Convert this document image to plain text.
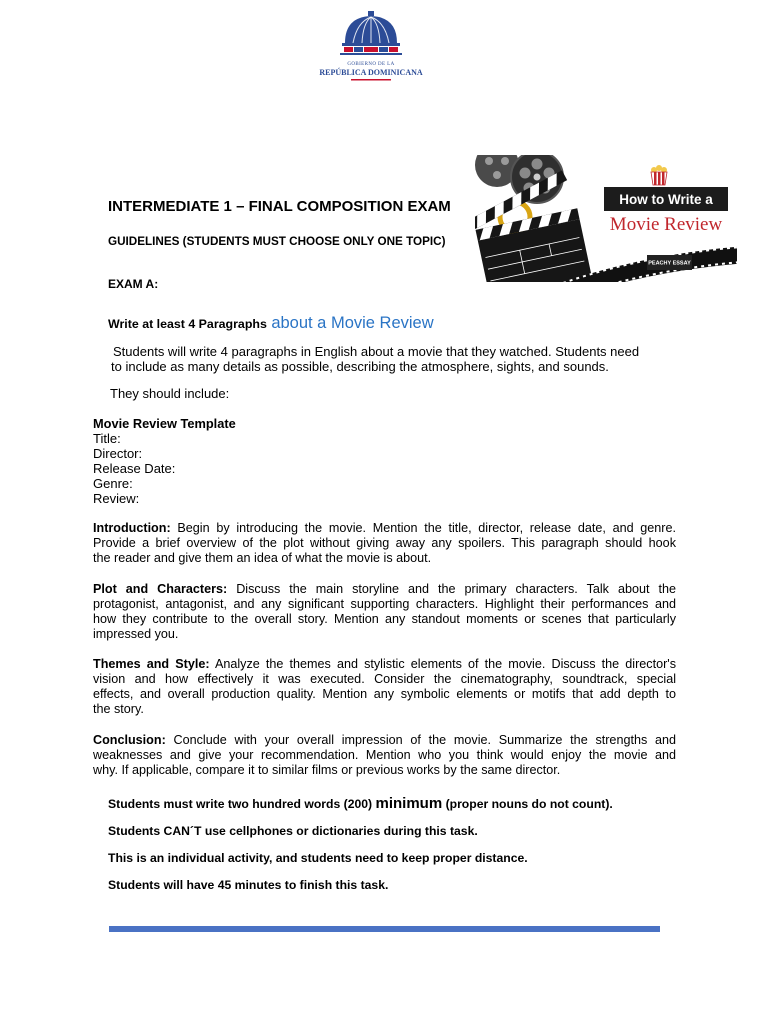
GOBIERNO DE LA
REPÚBLICA DOMINICANA
How to Write a
Movie Review
PEACHY ESSAY
INTERMEDIATE 1 – FINAL COMPOSITION EXAM
GUIDELINES (STUDENTS MUST CHOOSE ONLY ONE TOPIC)
EXAM A:
Write at least 4 Paragraphs about a Movie Review
Students will write 4 paragraphs in English about a movie that they watched. Students need
to include as many details as possible, describing the atmosphere, sights, and sounds.
They should include:
Movie Review Template
Title:
Director:
Release Date:
Genre:
Review:
Introduction: Begin by introducing the movie. Mention the title, director, release date, and genre.
Provide a brief overview of the plot without giving away any spoilers. This paragraph should hook
the reader and give them an idea of what the movie is about.
Plot and Characters: Discuss the main storyline and the primary characters. Talk about the
protagonist, antagonist, and any significant supporting characters. Highlight their performances and
how they contribute to the overall story. Mention any standout moments or scenes that particularly
impressed you.
Themes and Style: Analyze the themes and stylistic elements of the movie. Discuss the director's
vision and how effectively it was executed. Consider the cinematography, soundtrack, special
effects, and overall production quality. Mention any symbolic elements or motifs that add depth to
the story.
Conclusion: Conclude with your overall impression of the movie. Summarize the strengths and
weaknesses and give your recommendation. Mention who you think would enjoy the movie and
why. If applicable, compare it to similar films or previous works by the same director.
Students must write two hundred words (200) minimum (proper nouns do not count).
Students CAN´T use cellphones or dictionaries during this task.
This is an individual activity, and students need to keep proper distance.
Students will have 45 minutes to finish this task.
